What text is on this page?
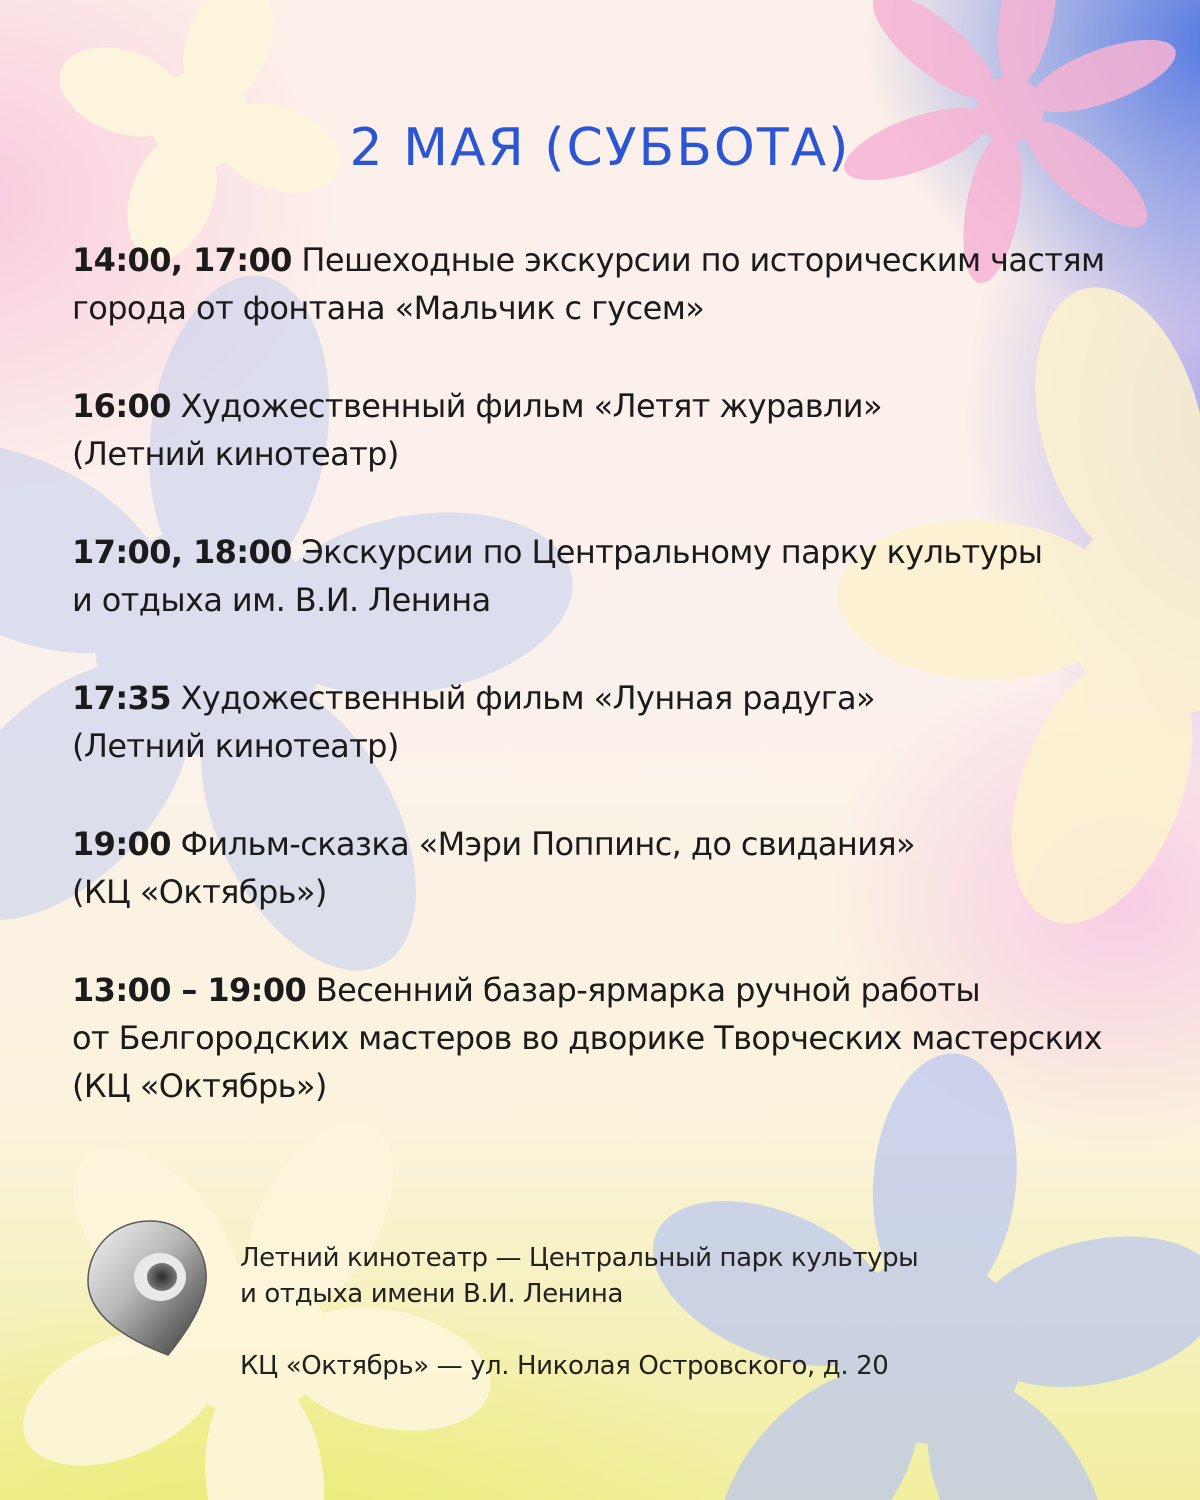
2 МАЯ (СУББОТА)

14:00, 17:00 Пешеходные экскурсии по историческим частям
города от фонтана «Мальчик с гусем»

16:00 Художественный фильм «Летят журавли»
(Летний кинотеатр)

17:00, 18:00 Экскурсии по Центральному парку культуры
и отдыха им. В.И. Ленина

17:35 Художественный фильм «Лунная радуга»
(Летний кинотеатр)

19:00 Фильм-сказка «Мэри Поппинс, до свидания»
(КЦ «Октябрь»)

13:00 – 19:00 Весенний базар-ярмарка ручной работы
от Белгородских мастеров во дворике Творческих мастерских
(КЦ «Октябрь»)

Летний кинотеатр — Центральный парк культуры

и отдыха имени В.И. Ленина

КЦ «Октябрь» — ул. Николая Островского, д. 20
